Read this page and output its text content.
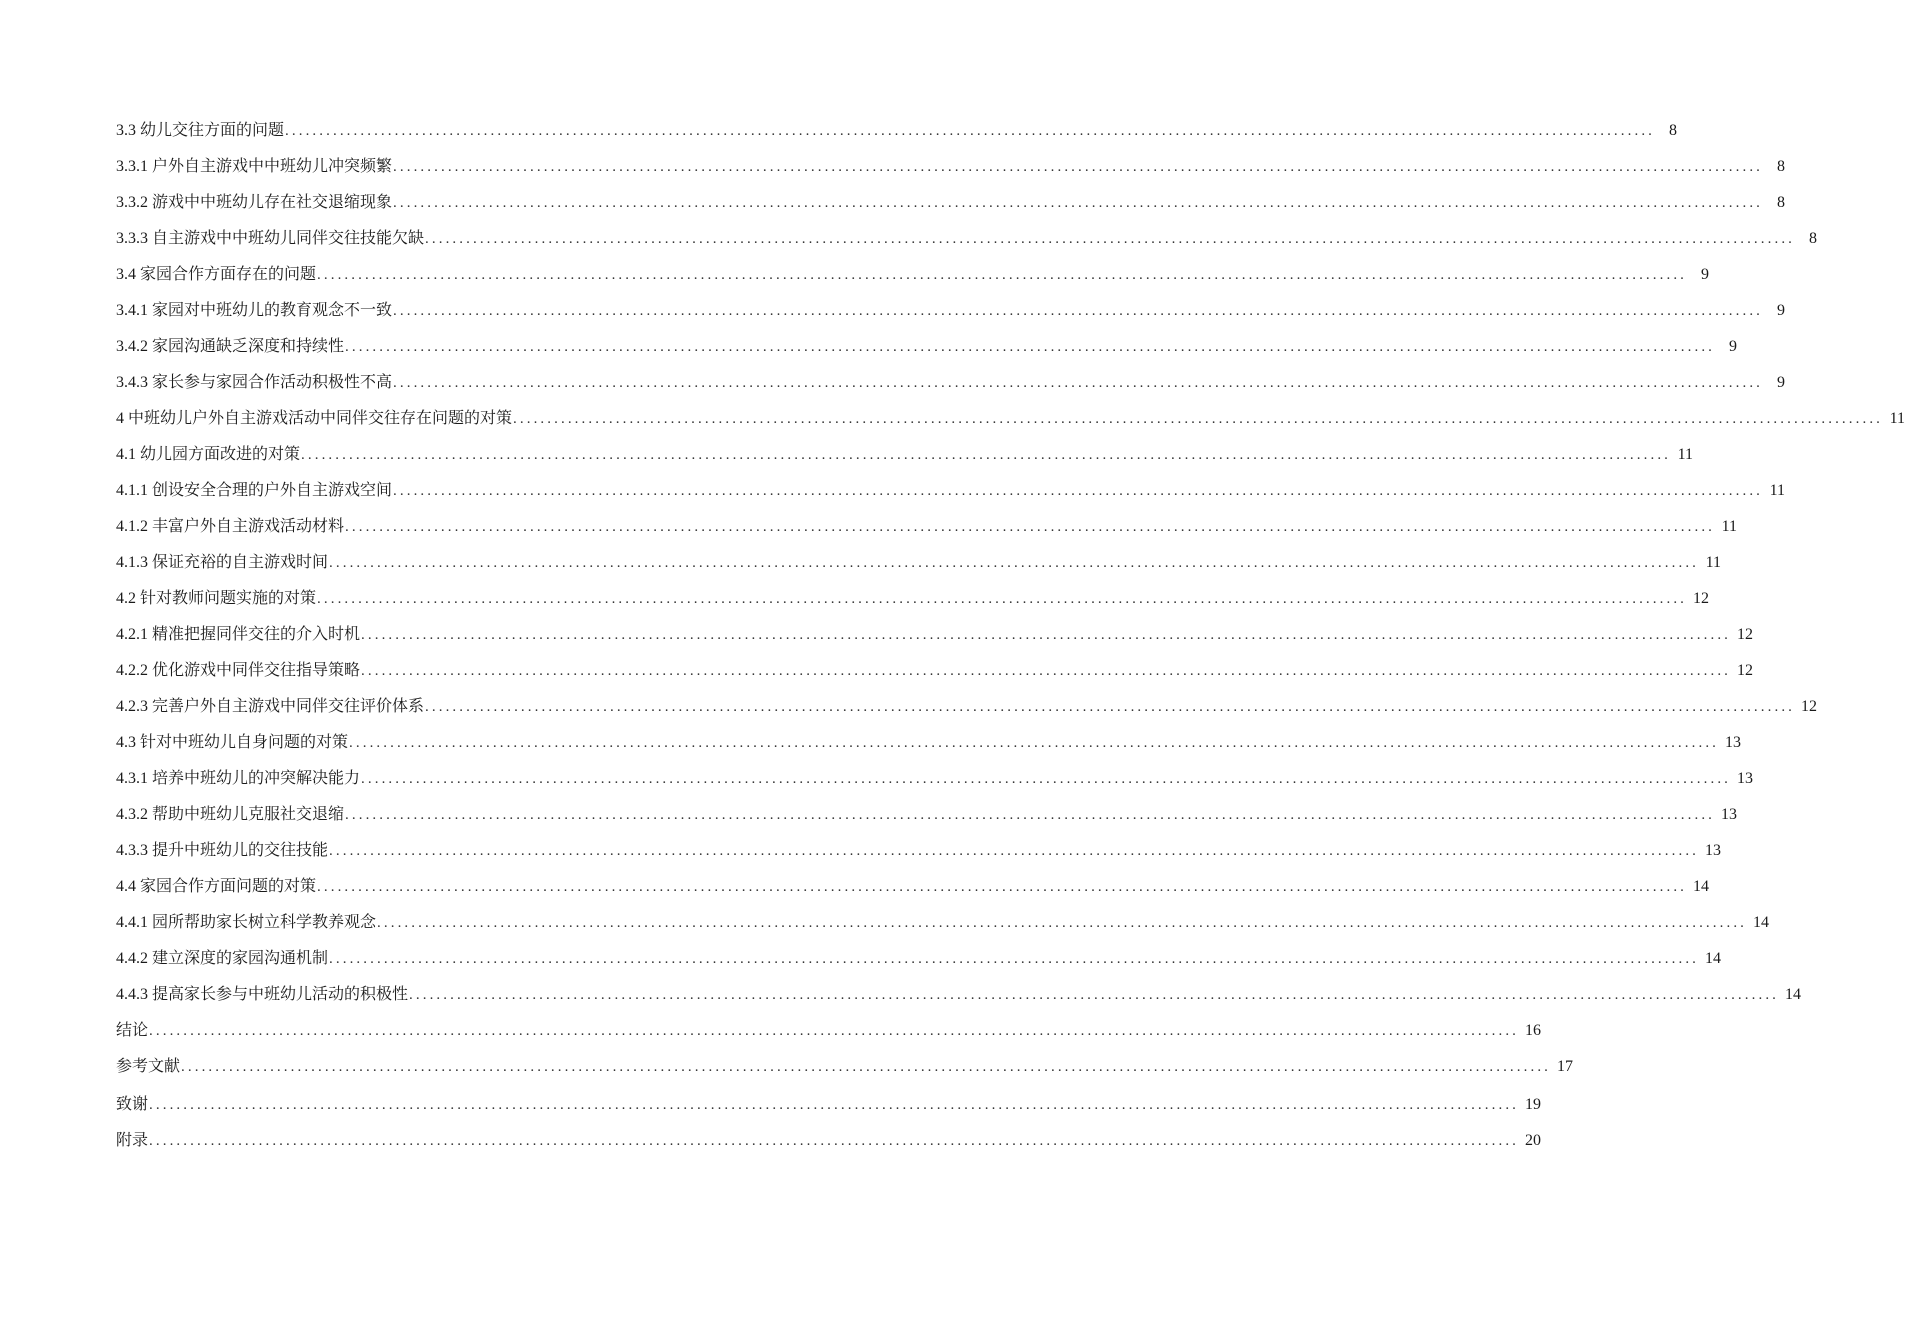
3.3 幼儿交往方面的问题 ........................................................................................................................................................................................................ 8
3.3.1 户外自主游戏中中班幼儿冲突频繁 ........................................................................................................................................................................................................ 8
3.3.2 游戏中中班幼儿存在社交退缩现象 ........................................................................................................................................................................................................ 8
3.3.3 自主游戏中中班幼儿同伴交往技能欠缺 ........................................................................................................................................................................................................ 8
3.4 家园合作方面存在的问题 ........................................................................................................................................................................................................ 9
3.4.1 家园对中班幼儿的教育观念不一致 ........................................................................................................................................................................................................ 9
3.4.2 家园沟通缺乏深度和持续性 ........................................................................................................................................................................................................ 9
3.4.3 家长参与家园合作活动积极性不高 ........................................................................................................................................................................................................ 9
4 中班幼儿户外自主游戏活动中同伴交往存在问题的对策 ........................................................................................................................................................................................................ 11
4.1 幼儿园方面改进的对策 ........................................................................................................................................................................................................ 11
4.1.1 创设安全合理的户外自主游戏空间 ........................................................................................................................................................................................................ 11
4.1.2 丰富户外自主游戏活动材料 ........................................................................................................................................................................................................ 11
4.1.3 保证充裕的自主游戏时间 ........................................................................................................................................................................................................ 11
4.2 针对教师问题实施的对策 ........................................................................................................................................................................................................ 12
4.2.1 精准把握同伴交往的介入时机 ........................................................................................................................................................................................................ 12
4.2.2 优化游戏中同伴交往指导策略 ........................................................................................................................................................................................................ 12
4.2.3 完善户外自主游戏中同伴交往评价体系 ........................................................................................................................................................................................................ 12
4.3 针对中班幼儿自身问题的对策 ........................................................................................................................................................................................................ 13
4.3.1 培养中班幼儿的冲突解决能力 ........................................................................................................................................................................................................ 13
4.3.2 帮助中班幼儿克服社交退缩 ........................................................................................................................................................................................................ 13
4.3.3 提升中班幼儿的交往技能 ........................................................................................................................................................................................................ 13
4.4 家园合作方面问题的对策 ........................................................................................................................................................................................................ 14
4.4.1 园所帮助家长树立科学教养观念 ........................................................................................................................................................................................................ 14
4.4.2 建立深度的家园沟通机制 ........................................................................................................................................................................................................ 14
4.4.3 提高家长参与中班幼儿活动的积极性 ........................................................................................................................................................................................................ 14
结论 ........................................................................................................................................................................................................ 16
参考文献 ........................................................................................................................................................................................................ 17
致谢 ........................................................................................................................................................................................................ 19
附录 ........................................................................................................................................................................................................ 20
